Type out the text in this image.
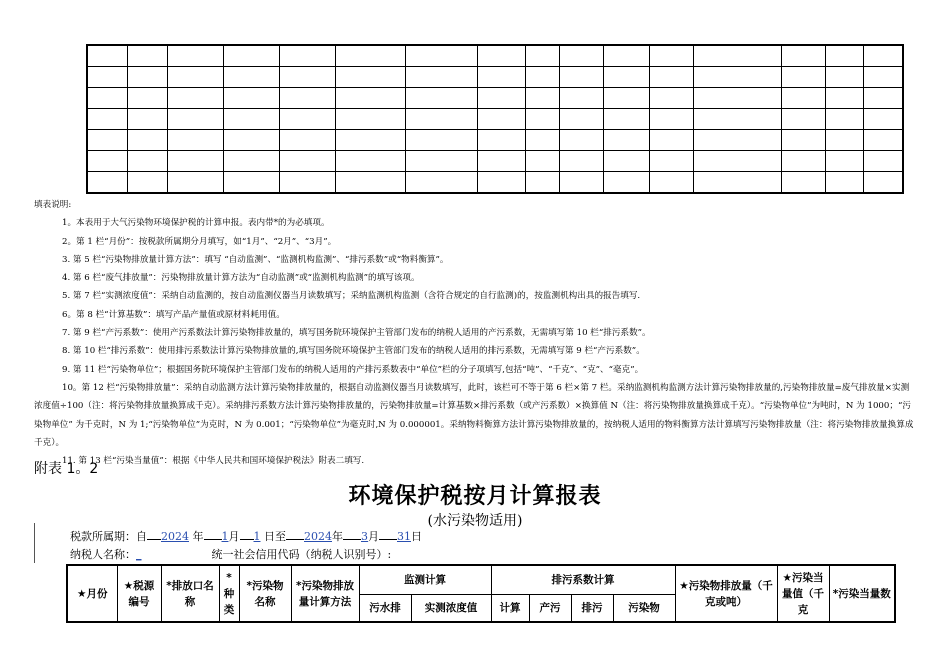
填表说明:

1。本表用于大气污染物环境保护税的计算申报。表内带*的为必填项。

2。第 1 栏“月份”：按税款所属期分月填写，如“1月”、“2月”、“3月”。

3. 第 5 栏“污染物排放量计算方法”：填写 “自动监测”、“监测机构监测”、“排污系数”或“物料衡算”。

4. 第 6 栏“废气排放量”：污染物排放量计算方法为“自动监测”或“监测机构监测”的填写该项。

5. 第 7 栏“实测浓度值”：采纳自动监测的，按自动监测仪器当月读数填写；采纳监测机构监测（含符合规定的自行监测)的，按监测机构出具的报告填写.

6。第 8 栏“计算基数”：填写产品产量值或原材料耗用值。

7. 第 9 栏“产污系数”：使用产污系数法计算污染物排放量的，填写国务院环境保护主管部门发布的纳税人适用的产污系数，无需填写第 10 栏“排污系数”。

8. 第 10 栏“排污系数”：使用排污系数法计算污染物排放量的,填写国务院环境保护主管部门发布的纳税人适用的排污系数，无需填写第 9 栏“产污系数”。

9. 第 11 栏“污染物单位”；根据国务院环境保护主管部门发布的纳税人适用的产排污系数表中“单位”栏的分子项填写,包括“吨”、“千克”、“克”、“毫克”。

10。第 12 栏“污染物排放量”：采纳自动监测方法计算污染物排放量的，根据自动监测仪器当月读数填写，此时，该栏可不等于第 6 栏×第 7 栏。采纳监测机构监测方法计算污染物排放量的,污染物排放量=废气排放量×实测浓度值÷100（注：将污染物排放量换算成千克）。采纳排污系数方法计算污染物排放量的，污染物排放量=计算基数×排污系数（或产污系数）×换算值 N（注：将污染物排放量换算成千克）。“污染物单位”为吨时，N 为 1000；“污染物单位” 为千克时，N 为 1;“污染物单位”为克时，N 为 0.001；“污染物单位”为毫克时,N 为 0.000001。采纳物料衡算方法计算污染物排放量的，按纳税人适用的物料衡算方法计算填写污染物排放量（注：将污染物排放量换算成千克）。

11. 第 13 栏“污染当量值”：根据《中华人民共和国环境保护税法》附表二填写.

附表 1。2
环境保护税按月计算报表
(水污染物适用)
税款所属期：自 2024 年 1月 1 日至 2024年 3月 31日
纳税人名称：_	统一社会信用代码（纳税人识别号）:
★月份	★税源编号	*排放口名称	*种类	*污染物名称	*污染物排放量计算方法	监测计算		排污系数计算				★污染物排放量（千克或吨）	★污染当量值（千克	*污染当量数
						污水排	实测浓度值	计算	产污	排污	污染物			
